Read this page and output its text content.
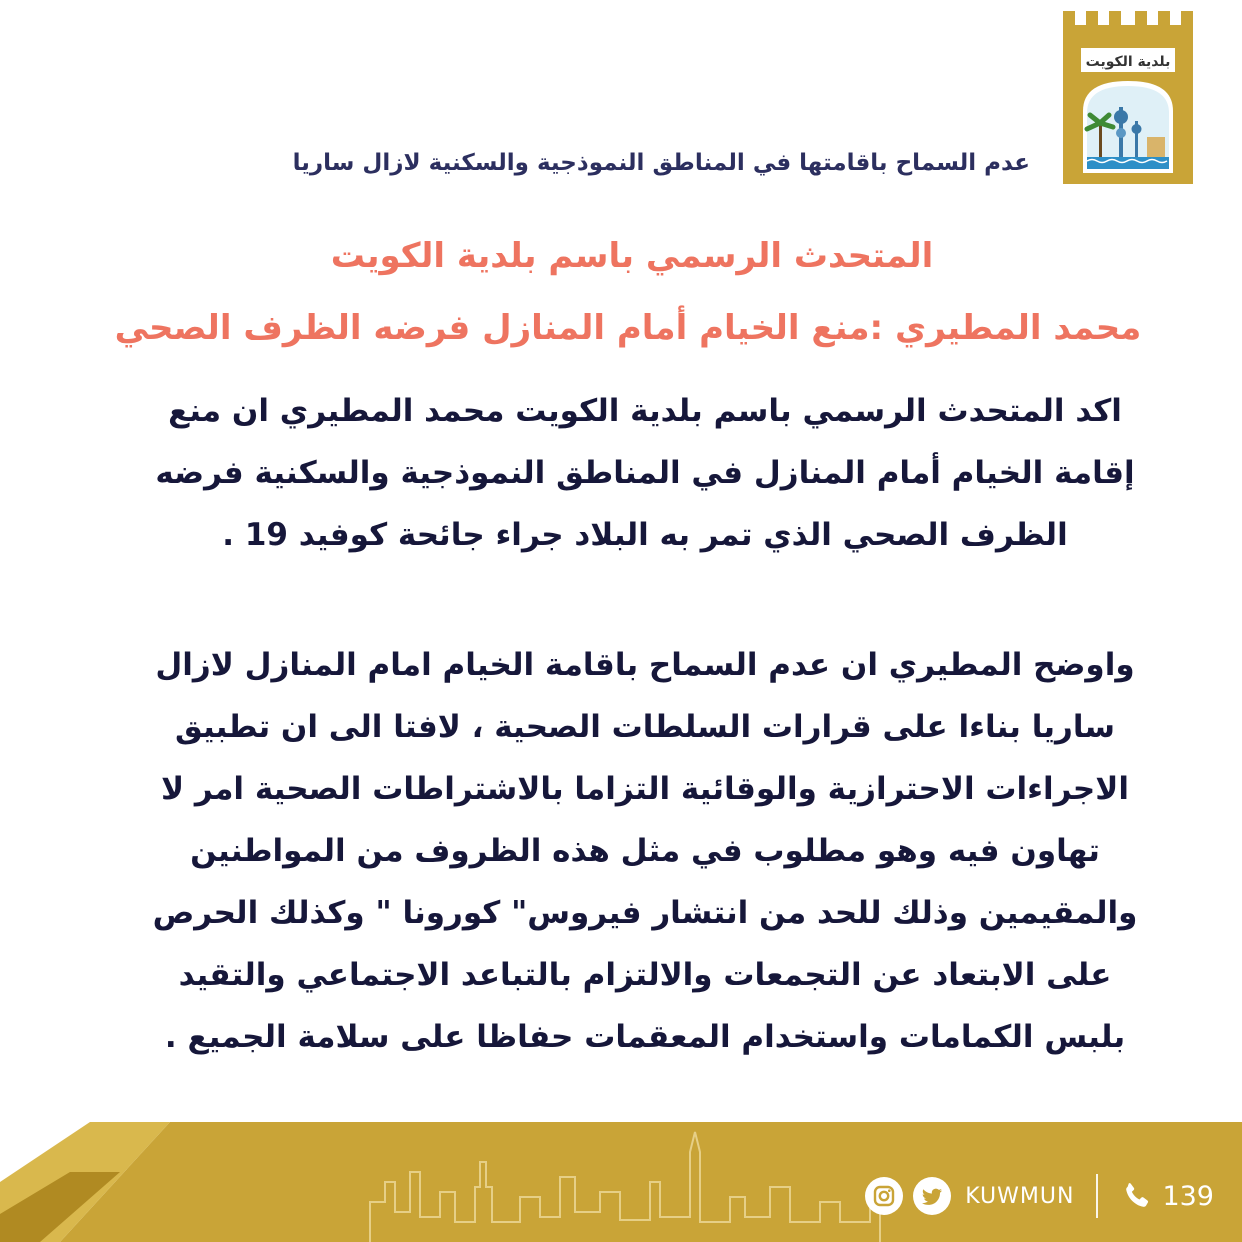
بلدية الكويت
عدم السماح باقامتها في المناطق النموذجية والسكنية لازال ساريا
المتحدث الرسمي باسم بلدية الكويت
محمد المطيري :منع الخيام أمام المنازل فرضه الظرف الصحي
اكد المتحدث الرسمي باسم بلدية الكويت محمد المطيري ان منع
إقامة الخيام أمام المنازل في المناطق النموذجية والسكنية فرضه
الظرف الصحي الذي تمر به البلاد جراء جائحة كوفيد 19 .
واوضح المطيري ان عدم السماح باقامة الخيام امام المنازل لازال
ساريا بناءا على قرارات السلطات الصحية ، لافتا الى ان تطبيق
الاجراءات الاحترازية والوقائية التزاما بالاشتراطات الصحية امر لا
تهاون فيه وهو مطلوب في مثل هذه الظروف من المواطنين
والمقيمين وذلك للحد من انتشار فيروس" كورونا " وكذلك الحرص
على الابتعاد عن التجمعات والالتزام بالتباعد الاجتماعي والتقيد
بلبس الكمامات واستخدام المعقمات حفاظا على سلامة الجميع .
KUWMUN	139
